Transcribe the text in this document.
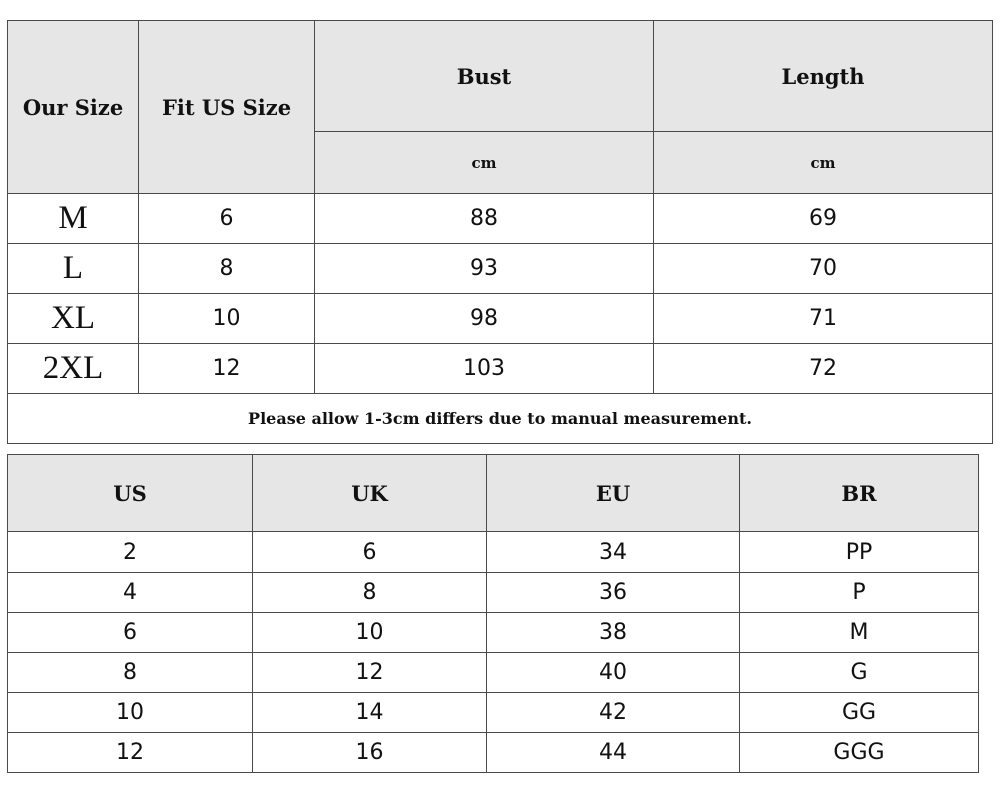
Our Size	Fit US Size	Bust	Length
		cm	cm
M	6	88	69
L	8	93	70
XL	10	98	71
2XL	12	103	72
Please allow 1-3cm differs due to manual measurement.			
US	UK	EU	BR
2	6	34	PP
4	8	36	P
6	10	38	M
8	12	40	G
10	14	42	GG
12	16	44	GGG
